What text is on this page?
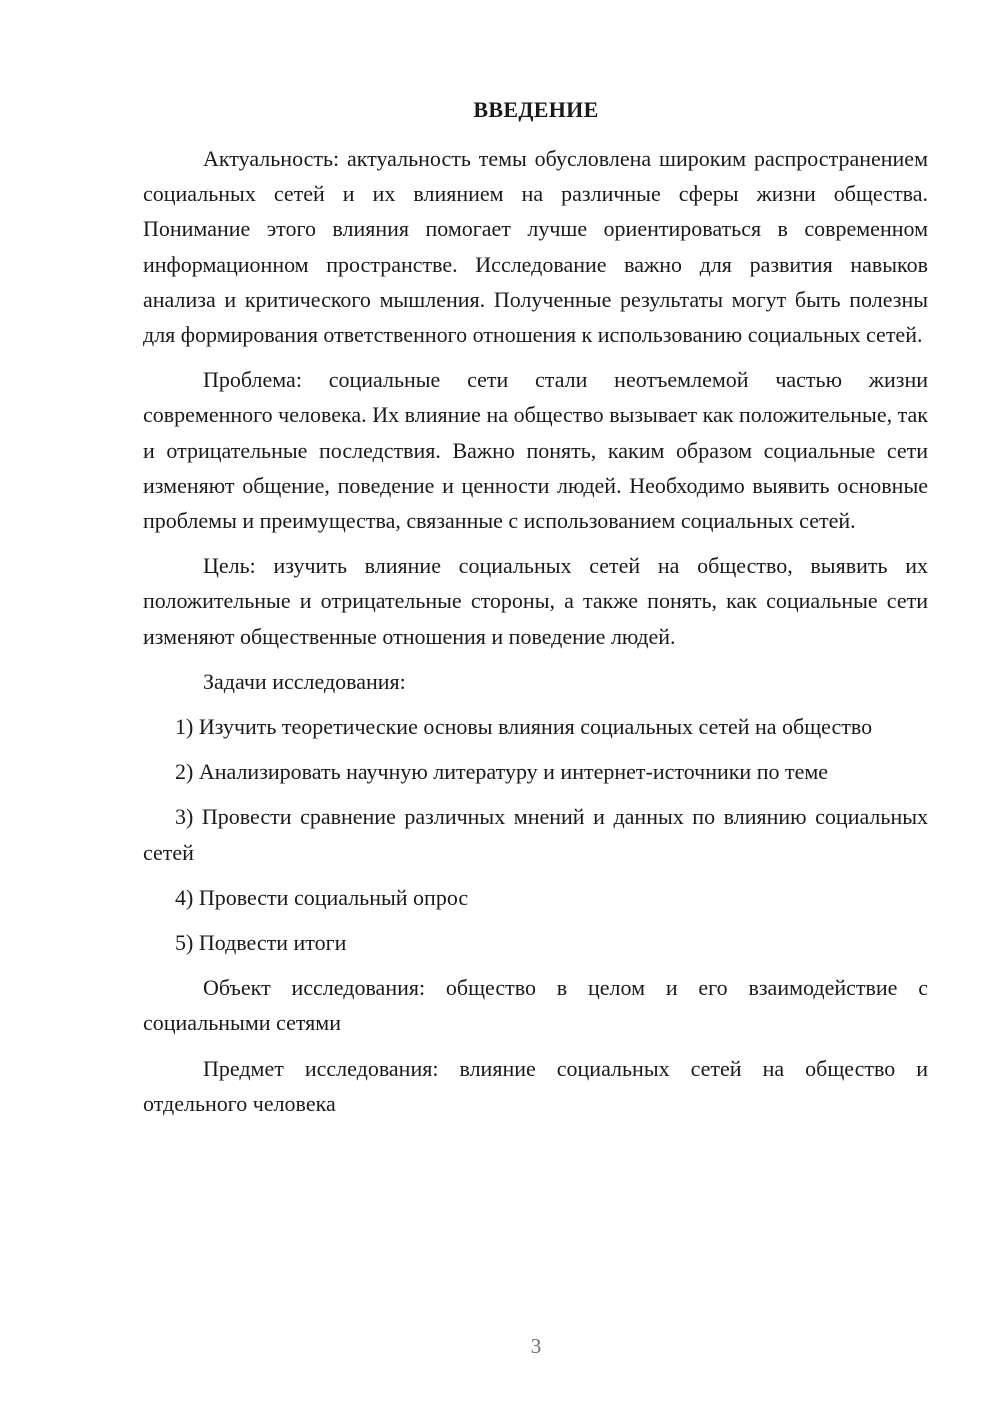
ВВЕДЕНИЕ

Актуальность: актуальность темы обусловлена широким распространением социальных сетей и их влиянием на различные сферы жизни общества. Понимание этого влияния помогает лучше ориентироваться в современном информационном пространстве. Исследование важно для развития навыков анализа и критического мышления. Полученные результаты могут быть полезны для формирования ответственного отношения к использованию социальных сетей.

Проблема: социальные сети стали неотъемлемой частью жизни современного человека. Их влияние на общество вызывает как положительные, так и отрицательные последствия. Важно понять, каким образом социальные сети изменяют общение, поведение и ценности людей. Необходимо выявить основные проблемы и преимущества, связанные с использованием социальных сетей.

Цель: изучить влияние социальных сетей на общество, выявить их положительные и отрицательные стороны, а также понять, как социальные сети изменяют общественные отношения и поведение людей.

Задачи исследования:

1) Изучить теоретические основы влияния социальных сетей на общество

2) Анализировать научную литературу и интернет-источники по теме

3) Провести сравнение различных мнений и данных по влиянию социальных сетей

4) Провести социальный опрос

5) Подвести итоги

Объект исследования: общество в целом и его взаимодействие с социальными сетями

Предмет исследования: влияние социальных сетей на общество и отдельного человека

3
